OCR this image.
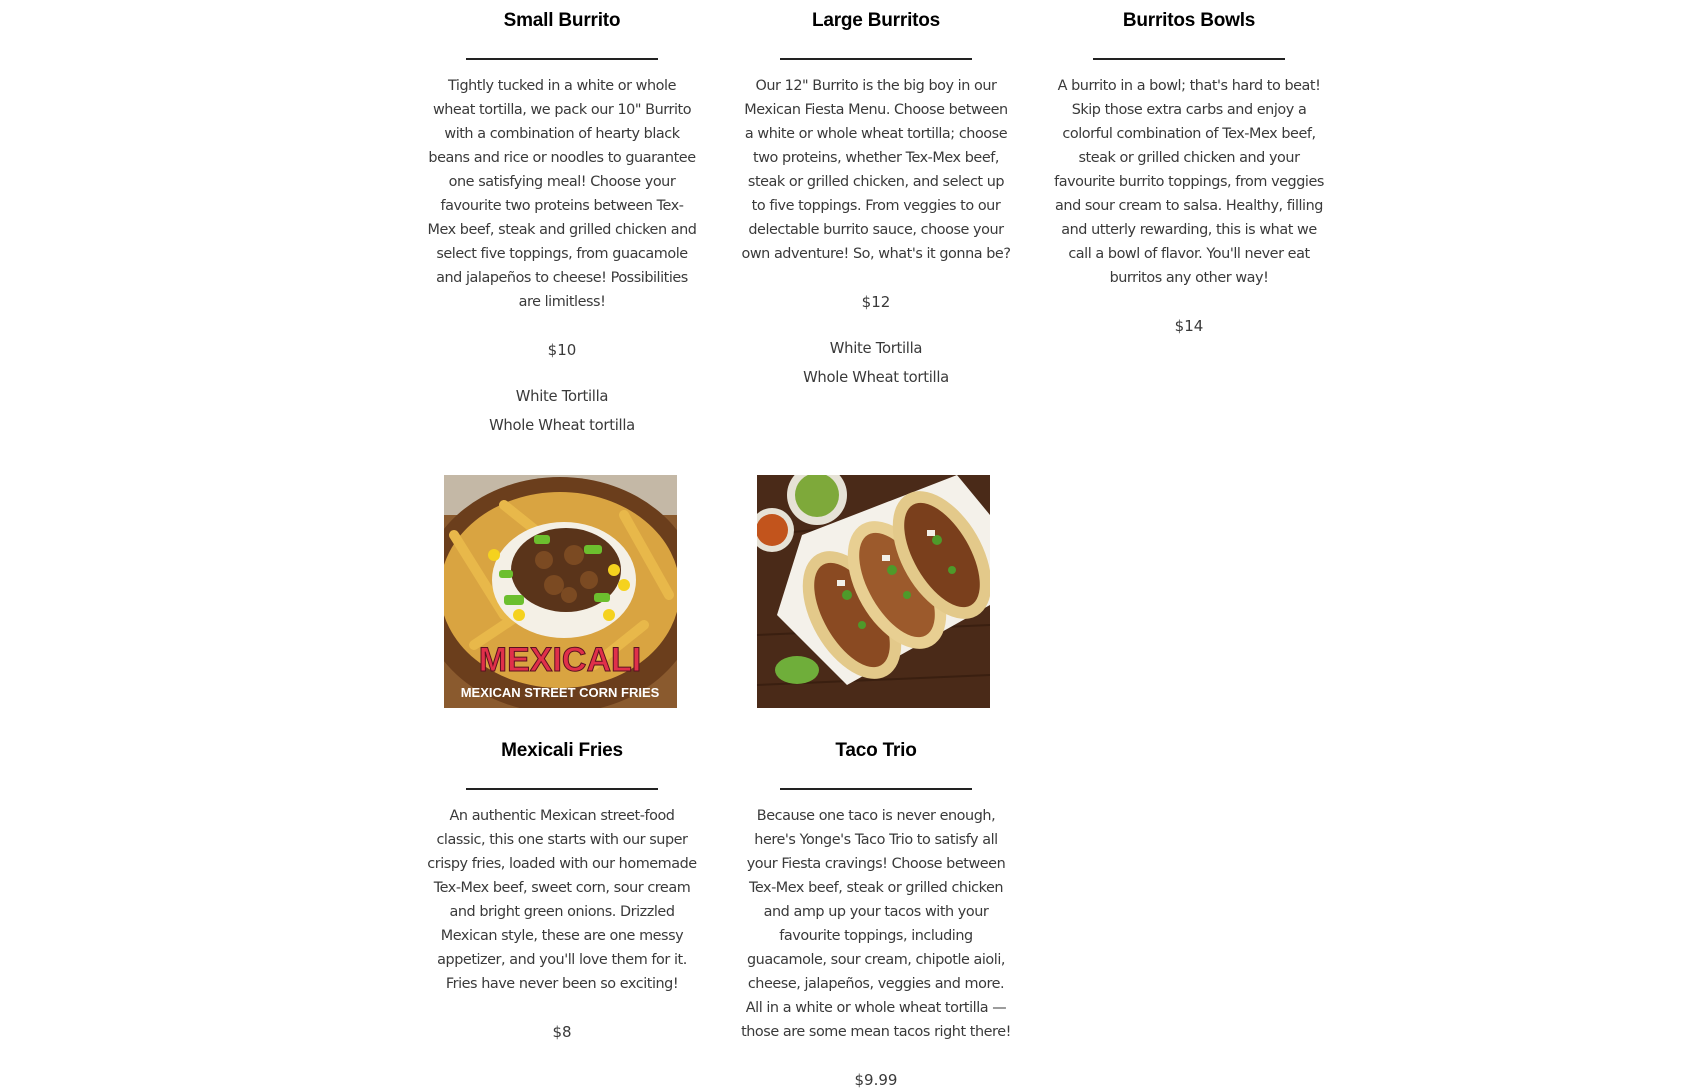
Small Burrito

Tightly tucked in a white or whole wheat tortilla, we pack our 10" Burrito with a combination of hearty black beans and rice or noodles to guarantee one satisfying meal! Choose your favourite two proteins between Tex-Mex beef, steak and grilled chicken and select five toppings, from guacamole and jalapeños to cheese! Possibilities are limitless!

$10
White Tortilla
Whole Wheat tortilla
Large Burritos

Our 12" Burrito is the big boy in our Mexican Fiesta Menu. Choose between a white or whole wheat tortilla; choose two proteins, whether Tex-Mex beef, steak or grilled chicken, and select up to five toppings. From veggies to our delectable burrito sauce, choose your own adventure! So, what's it gonna be?

$12
White Tortilla
Whole Wheat tortilla
Burritos Bowls

A burrito in a bowl; that's hard to beat! Skip those extra carbs and enjoy a colorful combination of Tex-Mex beef, steak or grilled chicken and your favourite burrito toppings, from veggies and sour cream to salsa. Healthy, filling and utterly rewarding, this is what we call a bowl of flavor. You'll never eat burritos any other way!

$14
MEXICALI
MEXICAN STREET CORN FRIES
Mexicali Fries

An authentic Mexican street-food classic, this one starts with our super crispy fries, loaded with our homemade Tex-Mex beef, sweet corn, sour cream and bright green onions. Drizzled Mexican style, these are one messy appetizer, and you'll love them for it. Fries have never been so exciting!

$8
Taco Trio

Because one taco is never enough, here's Yonge's Taco Trio to satisfy all your Fiesta cravings! Choose between Tex-Mex beef, steak or grilled chicken and amp up your tacos with your favourite toppings, including guacamole, sour cream, chipotle aioli, cheese, jalapeños, veggies and more. All in a white or whole wheat tortilla — those are some mean tacos right there!

$9.99
